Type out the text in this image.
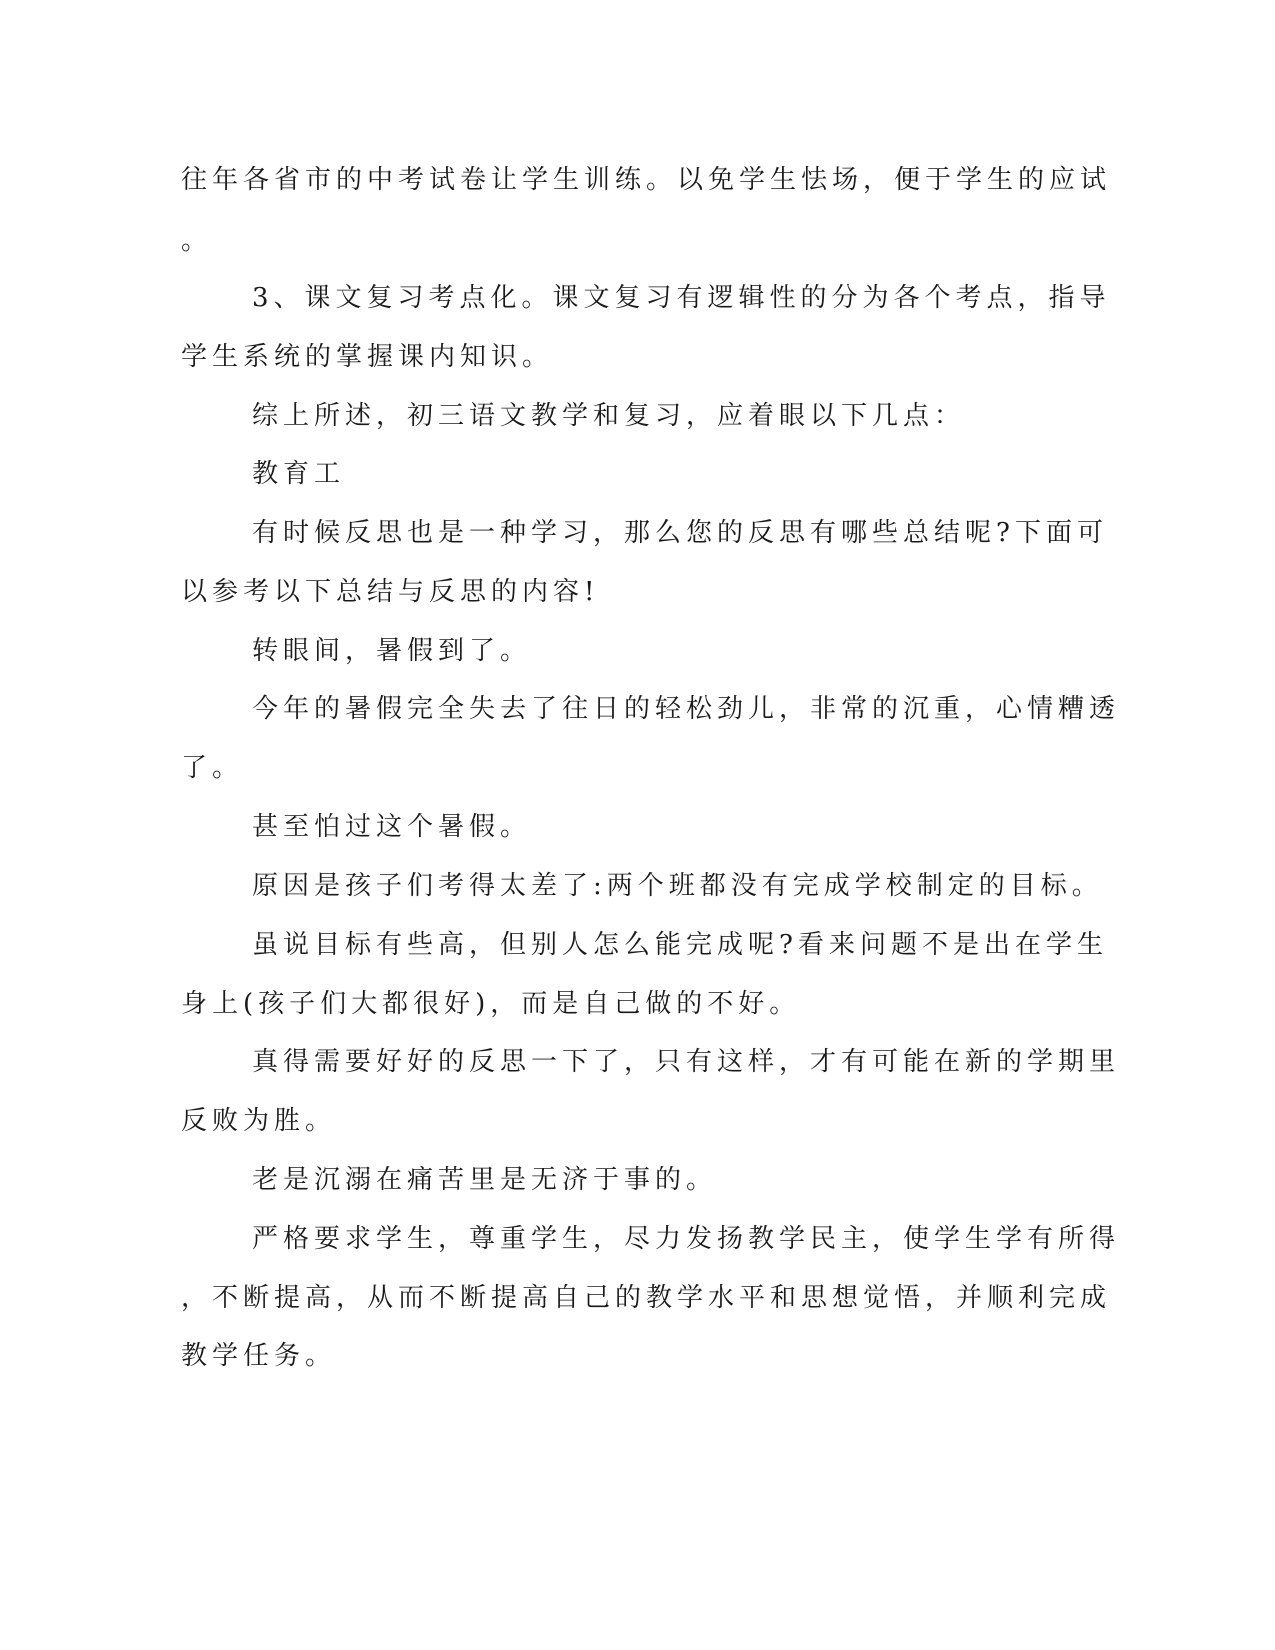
往年各省市的中考试卷让学生训练。以免学生怯场，便于学生的应试
。
3、课文复习考点化。课文复习有逻辑性的分为各个考点，指导
学生系统的掌握课内知识。
综上所述，初三语文教学和复习，应着眼以下几点：
教育工
有时候反思也是一种学习，那么您的反思有哪些总结呢?下面可
以参考以下总结与反思的内容!
转眼间，暑假到了。
今年的暑假完全失去了往日的轻松劲儿，非常的沉重，心情糟透
了。
甚至怕过这个暑假。
原因是孩子们考得太差了:两个班都没有完成学校制定的目标。
虽说目标有些高，但别人怎么能完成呢?看来问题不是出在学生
身上(孩子们大都很好)，而是自己做的不好。
真得需要好好的反思一下了，只有这样，才有可能在新的学期里
反败为胜。
老是沉溺在痛苦里是无济于事的。
严格要求学生，尊重学生，尽力发扬教学民主，使学生学有所得
，不断提高，从而不断提高自己的教学水平和思想觉悟，并顺利完成
教学任务。
